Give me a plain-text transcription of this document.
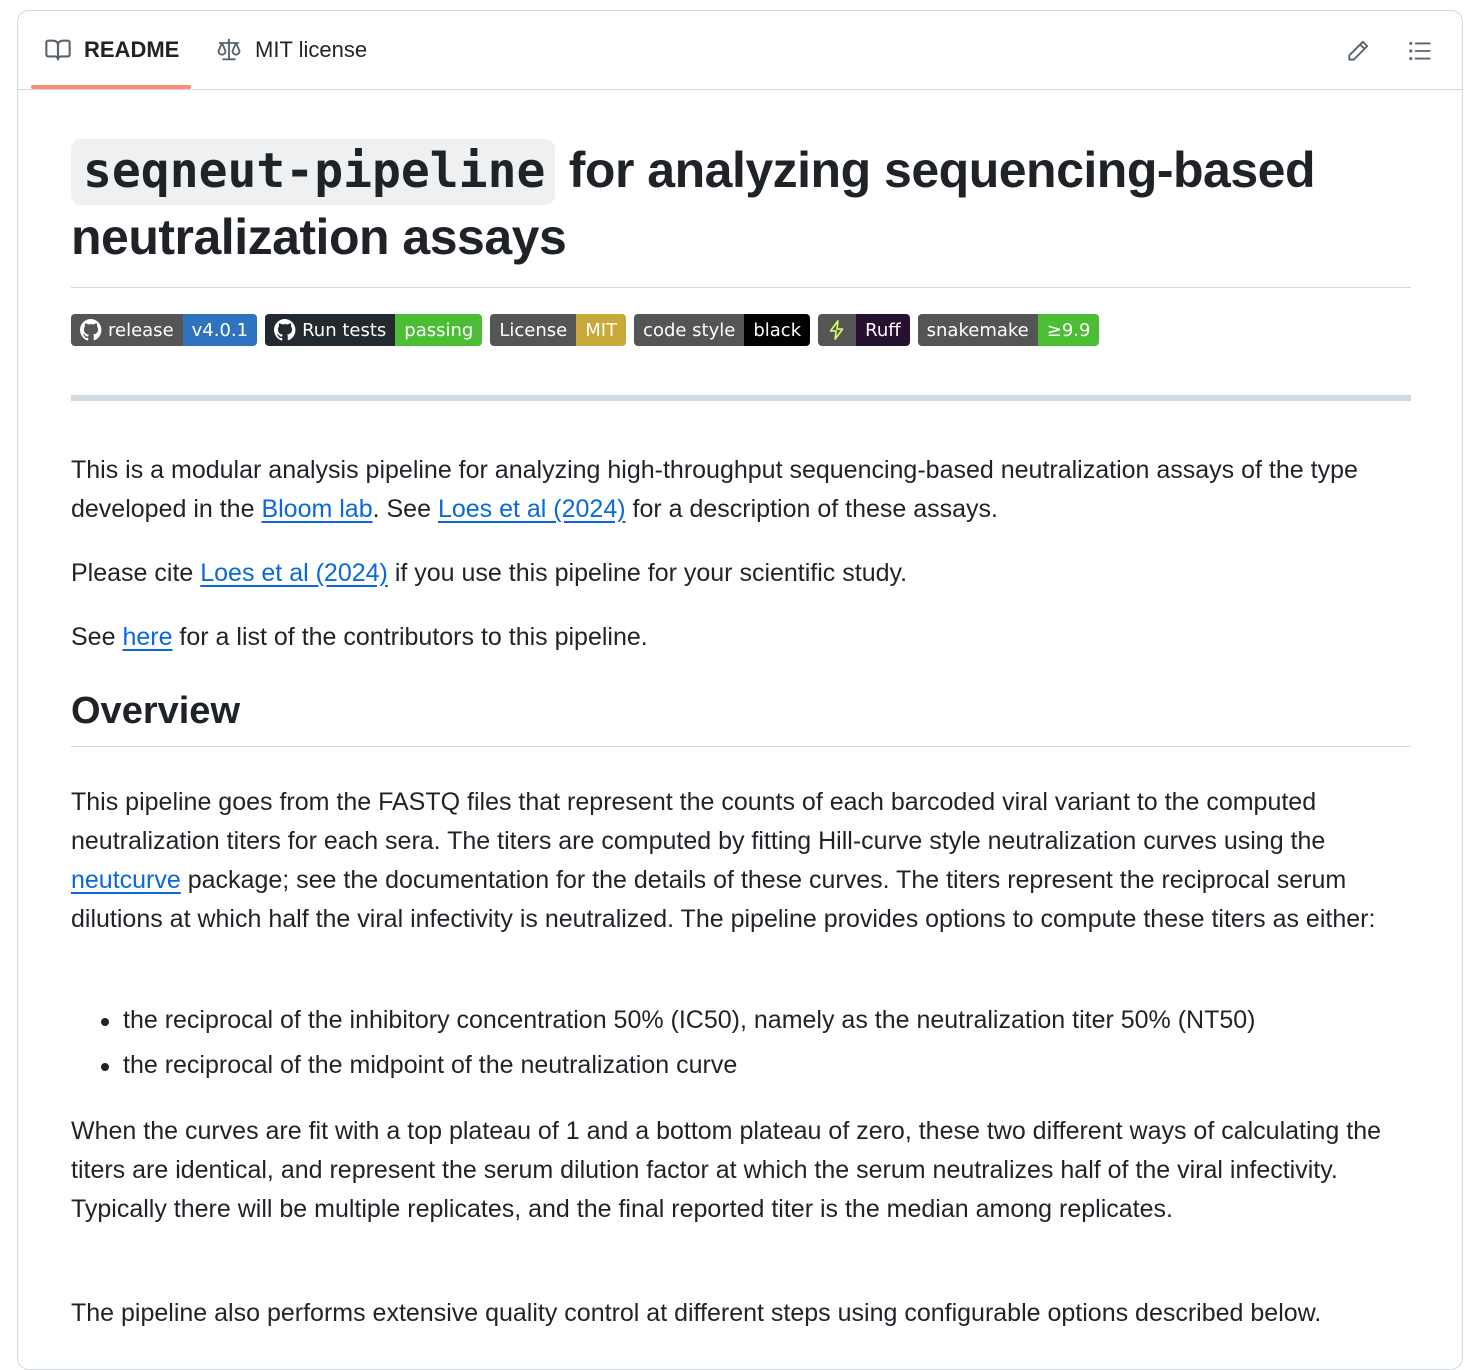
README	MIT license
seqneut-pipeline for analyzing sequencing-based neutralization assays
release	v4.0.1	Run tests	passing	License	MIT	code style	black	Ruff	snakemake	≥9.9

This is a modular analysis pipeline for analyzing high-throughput sequencing-based neutralization assays of the type developed in the Bloom lab. See Loes et al (2024) for a description of these assays.

Please cite Loes et al (2024) if you use this pipeline for your scientific study.

See here for a list of the contributors to this pipeline.

Overview

This pipeline goes from the FASTQ files that represent the counts of each barcoded viral variant to the computed neutralization titers for each sera. The titers are computed by fitting Hill-curve style neutralization curves using the neutcurve package; see the documentation for the details of these curves. The titers represent the reciprocal serum dilutions at which half the viral infectivity is neutralized. The pipeline provides options to compute these titers as either:

the reciprocal of the inhibitory concentration 50% (IC50), namely as the neutralization titer 50% (NT50)
the reciprocal of the midpoint of the neutralization curve

When the curves are fit with a top plateau of 1 and a bottom plateau of zero, these two different ways of calculating the titers are identical, and represent the serum dilution factor at which the serum neutralizes half of the viral infectivity. Typically there will be multiple replicates, and the final reported titer is the median among replicates.

The pipeline also performs extensive quality control at different steps using configurable options described below.
